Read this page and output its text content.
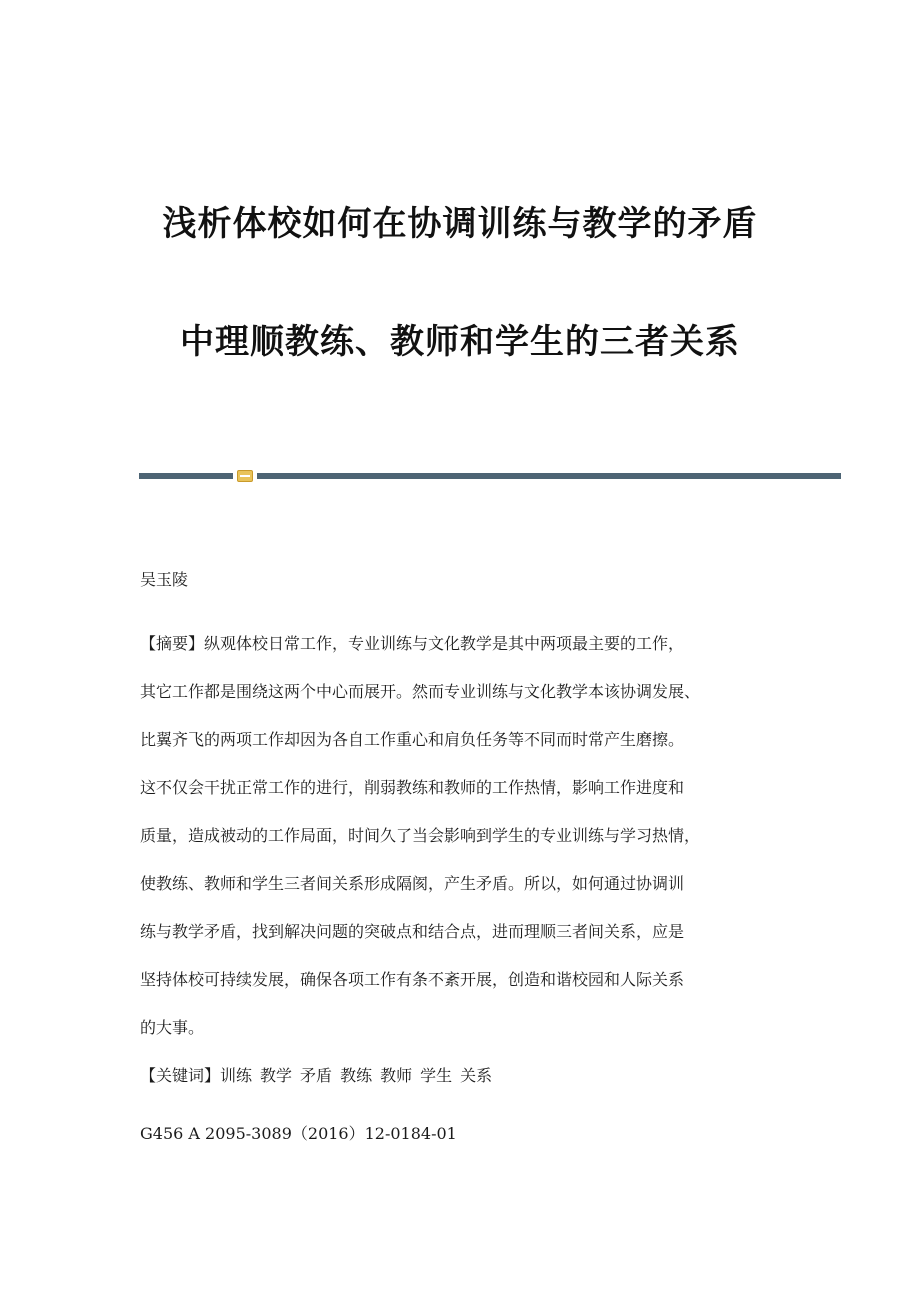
浅析体校如何在协调训练与教学的矛盾
中理顺教练、教师和学生的三者关系
吴玉陵
【摘要】纵观体校日常工作，专业训练与文化教学是其中两项最主要的工作，
其它工作都是围绕这两个中心而展开。然而专业训练与文化教学本该协调发展、
比翼齐飞的两项工作却因为各自工作重心和肩负任务等不同而时常产生磨擦。
这不仅会干扰正常工作的进行，削弱教练和教师的工作热情，影响工作进度和
质量，造成被动的工作局面，时间久了当会影响到学生的专业训练与学习热情，
使教练、教师和学生三者间关系形成隔阂，产生矛盾。所以，如何通过协调训
练与教学矛盾，找到解决问题的突破点和结合点，进而理顺三者间关系，应是
坚持体校可持续发展，确保各项工作有条不紊开展，创造和谐校园和人际关系
的大事。
【关键词】训练 教学 矛盾 教练 教师 学生 关系
G456 A 2095-3089（2016）12-0184-01
